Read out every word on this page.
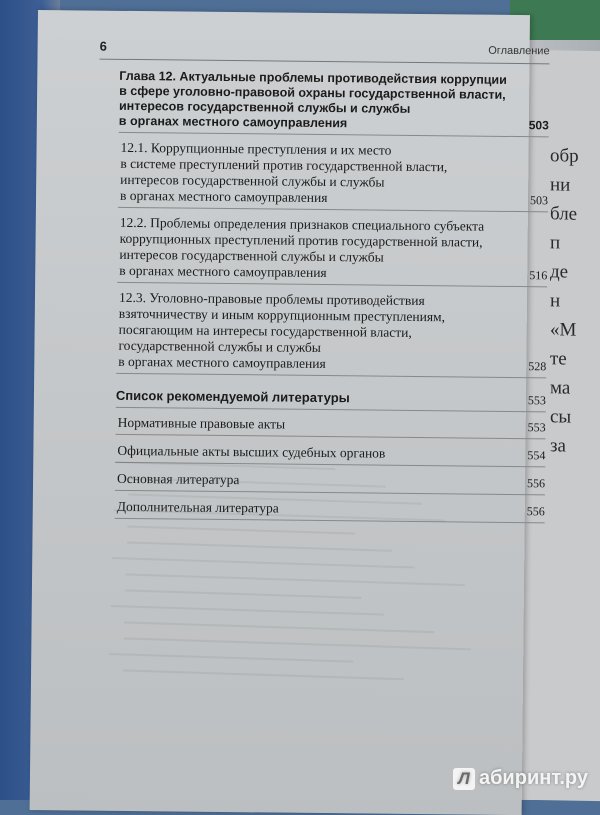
обр
ни
бле
п
де
н
«М
те
ма
сы
за
6	Оглавление
Глава 12. Актуальные проблемы противодействия коррупции
в сфере уголовно-правовой охраны государственной власти,
интересов государственной службы и службы
в органах местного самоуправления	503
12.1. Коррупционные преступления и их место
в системе преступлений против государственной власти,
интересов государственной службы и службы
в органах местного самоуправления	503
12.2. Проблемы определения признаков специального субъекта
коррупционных преступлений против государственной власти,
интересов государственной службы и службы
в органах местного самоуправления	516
12.3. Уголовно-правовые проблемы противодействия
взяточничеству и иным коррупционным преступлениям,
посягающим на интересы государственной власти,
государственной службы и службы
в органах местного самоуправления	528
Список рекомендуемой литературы	553
Нормативные правовые акты	553
Официальные акты высших судебных органов	554
Основная литература	556
Дополнительная литература	556
Л абиринт.ру
